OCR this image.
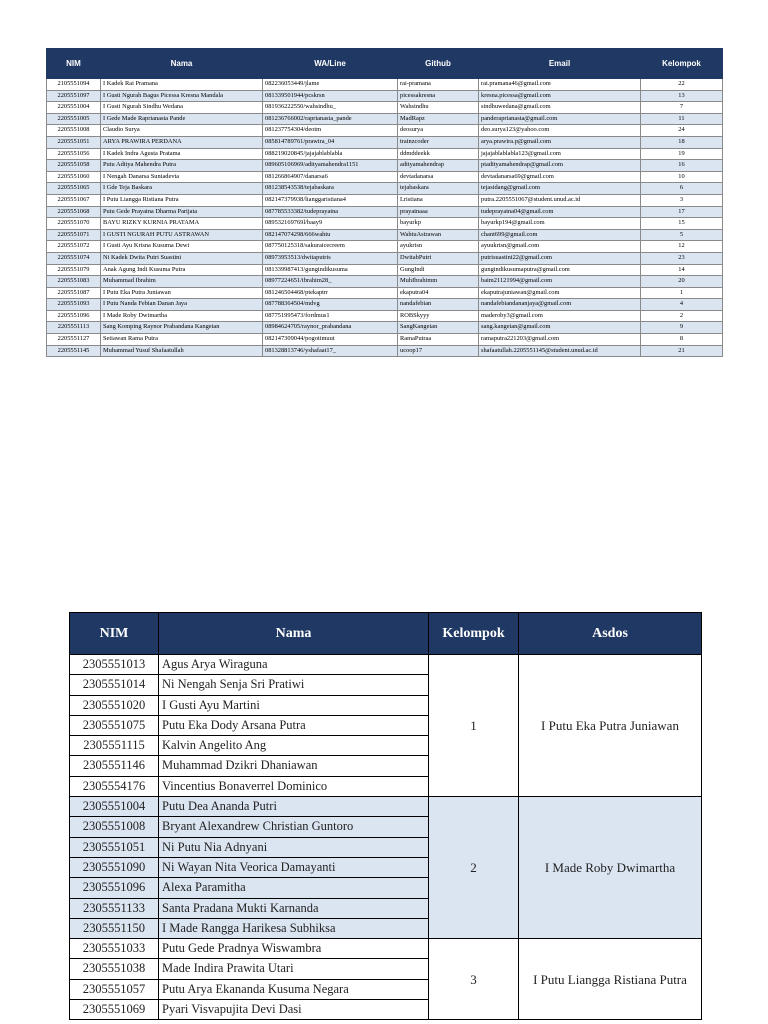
NIM	Nama	WA/Line	Github	Email	Kelompok
2105551094	I Kadek Rai Pramana	082236053449/jlame	rai-pramana	rai.pramana46@gmail.com	22
2205551097	I Gusti Ngurah Bagus Picessa Kresna Mandala	081339501944/pcskrsn	picessakresna	kresna.picessa@gmail.com	13
2205551004	I Gusti Ngurah Sindhu Wedana	081936222550/wahsindhu_	Wahsindhu	sindhuwedana@gmail.com	7
2205551005	I Gede Made Raprianasta Pande	081236766002/raprianasta_pande	MadRapz	panderaprianasta@gmail.com	11
2205551008	Claudio Surya	081237754304/deotm	deosurya	deo.surya123@yahoo.com	24
2205551051	ARYA PRAWIRA PERDANA	085814789761/prawira_04	trainzcoder	arya.prawira.p@gmail.com	18
2205551056	I Kadek Indra Agusta Pratama	088219020845/jajajablablabla	ddmddeekk	jajajablablabla123@gmail.com	19
2205551058	Putu Aditya Mahendra Putra	089605106969/adityamahendra1151	adityamahendrap	ptadityamahendrap@gmail.com	16
2205551060	I Nengah Danarsa Suniadevta	081266864907/danarsa6	devtadanarsa	devtadanarsa69@gmail.com	10
2205551065	I Gde Teja Baskara	081238543538/tejabaskara	tejabaskara	tejasidang@gmail.com	6
2205551067	I Putu Liangga Ristiana Putra	082147379938/lianggaristiana4	Lristiana	putra.2205551067@student.unud.ac.id	3
2205551068	Putu Gede Prayatna Dharma Parijata	087785533382/tudeprayatna	prayatnaaa	tudeprayatna04@gmail.com	17
2205551070	BAYU RIZKY KURNIA PRATAMA	089532169769l/baay9	bayurkp	bayurkp194@gmail.com	15
2205551071	I GUSTI NGURAH PUTU ASTRAWAN	082147074298/666wahtu	WahtuAstrawan	chant699@gmail.com	5
2205551072	I Gusti Ayu Krisna Kusuma Dewi	087750125318/sakuraicecreem	ayukrisn	ayuukrisn@gmail.com	12
2205551074	Ni Kadek Dwita Putri Suastini	08973953513/dwitaputris	DwitabPutri	putrisuastini22@gmail.com	23
2205551079	Anak Agung Indi Kusuma Putra	081339987413/gungindikusuma	GungIndi	gungindikusumaputra@gmail.com	14
2205551083	Muhammad Ibrahim	08977224651/ibrahim28_	MuhIbrahimm	baim21121994@gmail.com	20
2205551087	I Putu Eka Putra Juniawan	081246504468/ptekaptrr	ekaputra04	ekaputrajuniawan@gmail.com	1
2205551093	I Putu Nanda Febian Danan Jaya	087788364504/mdvg	nandafebian	nandafebiandananjaya@gmail.com	4
2205551096	I Made Roby Dwimartha	087751995473/fordmus1	ROBSkyyy	maderoby3@gmail.com	2
2205551113	Sang Komping Raynor Prabandana Kangetan	08984624705/raynor_prabandana	SangKangetan	sang.kangetan@gmail.com	9
2205551127	Setiawan Rama Putra	082147309044/pogotimuut	RamaPutraa	ramaputra221203@gmail.com	8
2205551145	Muhammad Yusuf Shafaatullah	081328813746/yshafaat17_	ucoop17	shafaatullah.2205551145@student.unud.ac.id	21
NIM	Nama	Kelompok	Asdos
2305551013	Agus Arya Wiraguna	1	I Putu Eka Putra Juniawan
2305551014	Ni Nengah Senja Sri Pratiwi		
2305551020	I Gusti Ayu Martini		
2305551075	Putu Eka Dody Arsana Putra		
2305551115	Kalvin Angelito Ang		
2305551146	Muhammad Dzikri Dhaniawan		
2305554176	Vincentius Bonaverrel Dominico		
2305551004	Putu Dea Ananda Putri	2	I Made Roby Dwimartha
2305551008	Bryant Alexandrew Christian Guntoro		
2305551051	Ni Putu Nia Adnyani		
2305551090	Ni Wayan Nita Veorica Damayanti		
2305551096	Alexa Paramitha		
2305551133	Santa Pradana Mukti Karnanda		
2305551150	I Made Rangga Harikesa Subhiksa		
2305551033	Putu Gede Pradnya Wiswambra	3	I Putu Liangga Ristiana Putra
2305551038	Made Indira Prawita Utari		
2305551057	Putu Arya Ekananda Kusuma Negara		
2305551069	Pyari Visvapujita Devi Dasi		
